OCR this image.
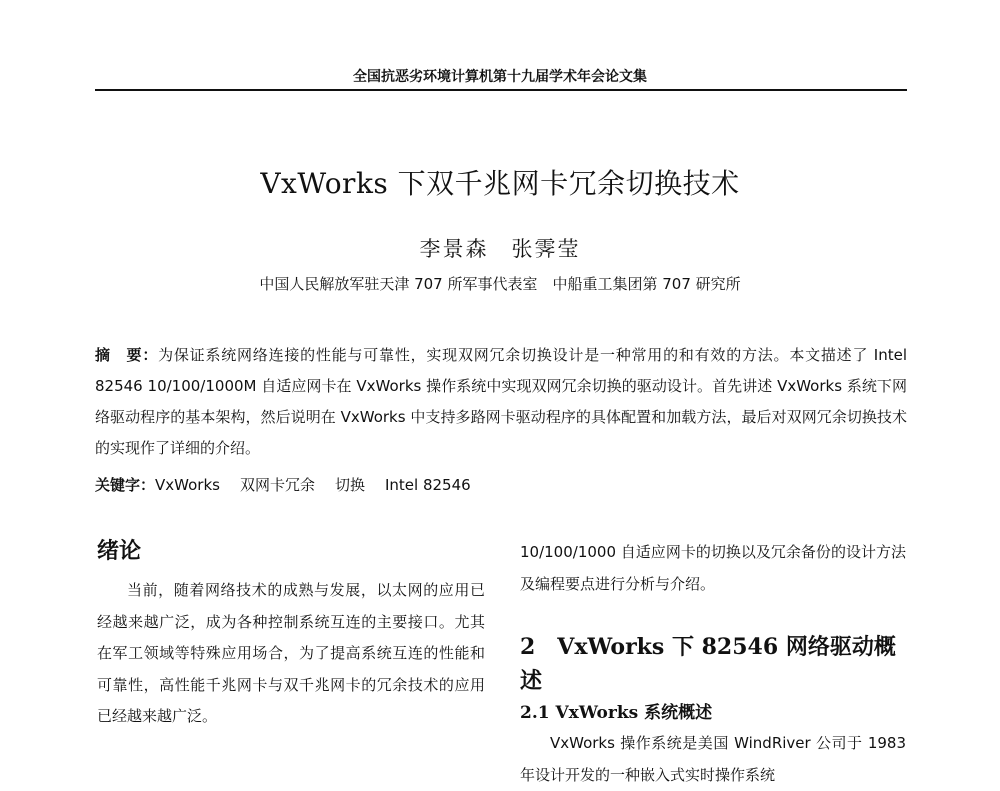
全国抗恶劣环境计算机第十九届学术年会论文集
VxWorks 下双千兆网卡冗余切换技术
李景森　张霁莹
中国人民解放军驻天津 707 所军事代表室　中船重工集团第 707 研究所
摘　要：为保证系统网络连接的性能与可靠性，实现双网冗余切换设计是一种常用的和有效的方法。本文描述了 Intel 82546 10/100/1000M 自适应网卡在 VxWorks 操作系统中实现双网冗余切换的驱动设计。首先讲述 VxWorks 系统下网络驱动程序的基本架构，然后说明在 VxWorks 中支持多路网卡驱动程序的具体配置和加载方法，最后对双网冗余切换技术的实现作了详细的介绍。
关键字：VxWorks 双网卡冗余 切换 Intel 82546
绪论

当前，随着网络技术的成熟与发展，以太网的应用已经越来越广泛，成为各种控制系统互连的主要接口。尤其在军工领域等特殊应用场合，为了提高系统互连的性能和可靠性，高性能千兆网卡与双千兆网卡的冗余技术的应用已经越来越广泛。

10/100/1000 自适应网卡的切换以及冗余备份的设计方法及编程要点进行分析与介绍。

2　VxWorks 下 82546 网络驱动概述
2.1 VxWorks 系统概述

VxWorks 操作系统是美国 WindRiver 公司于 1983 年设计开发的一种嵌入式实时操作系统
